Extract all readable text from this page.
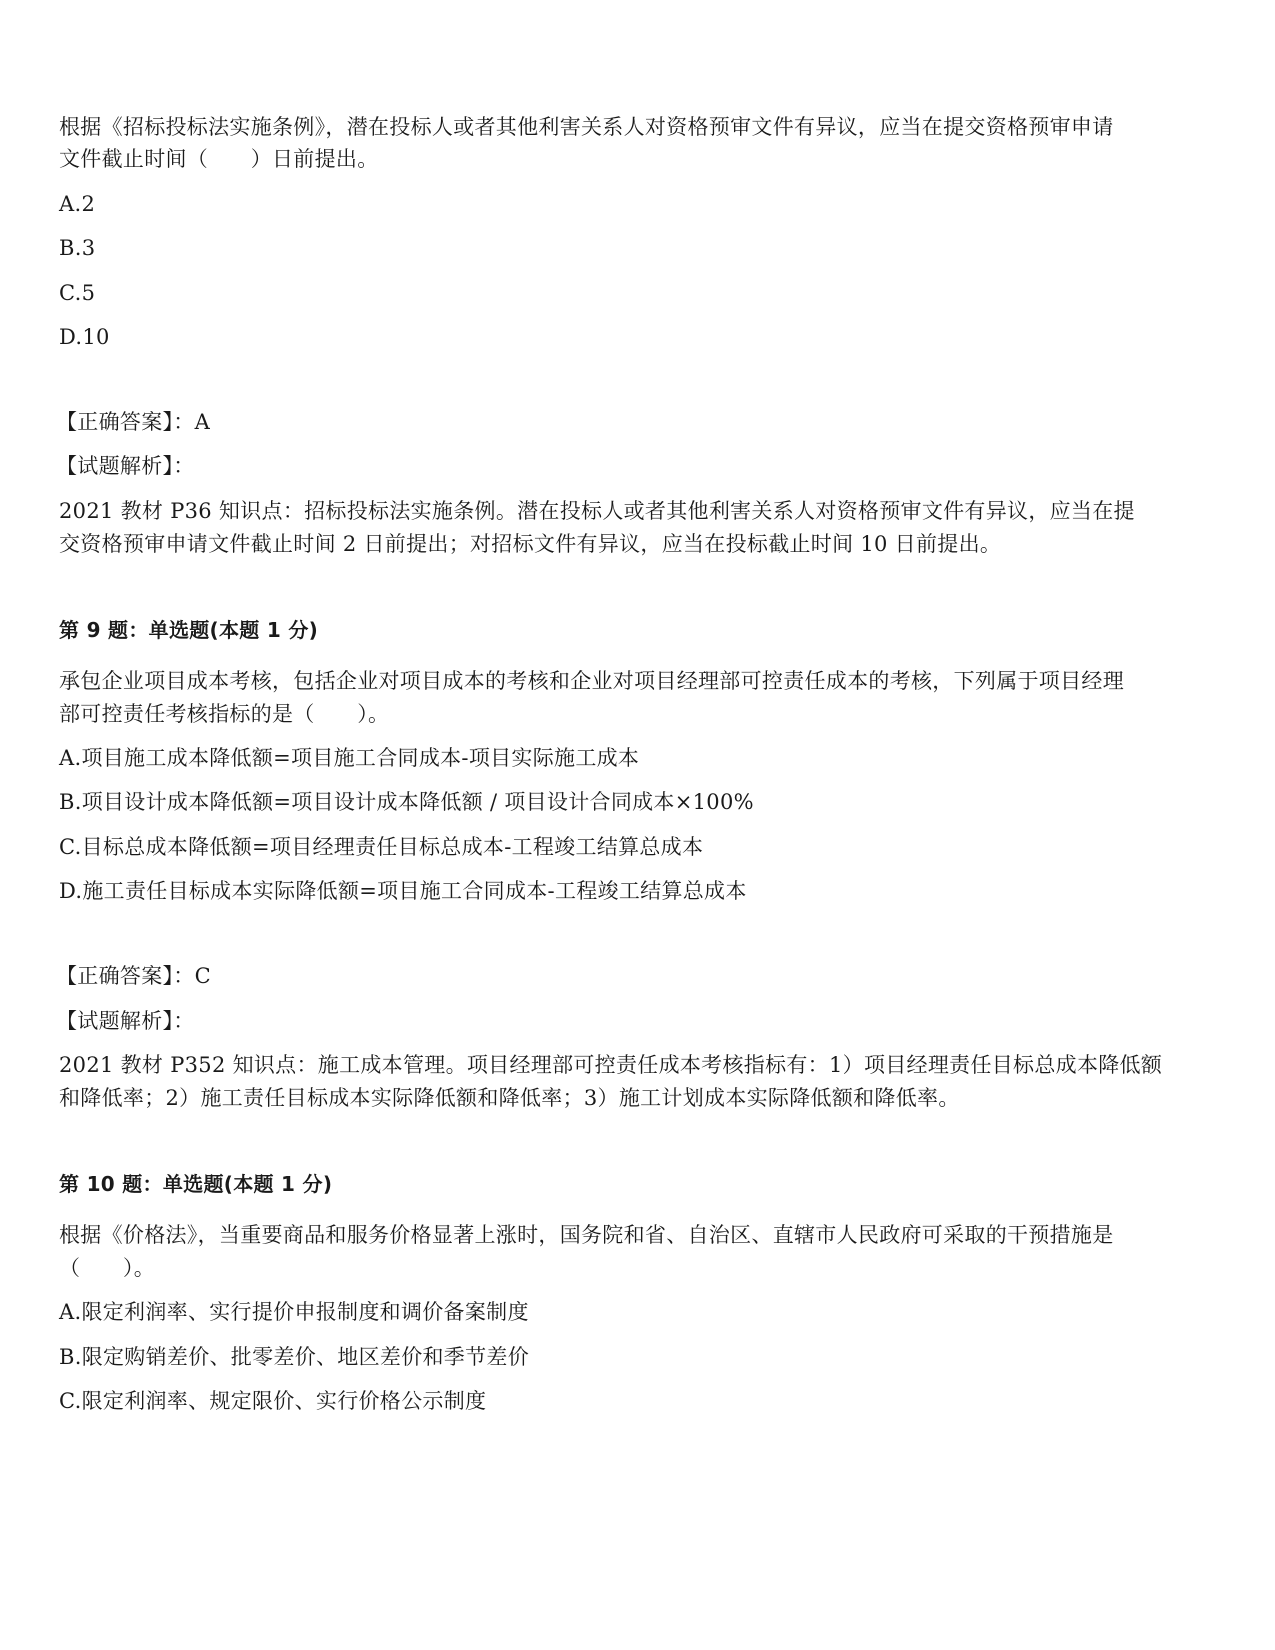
根据《招标投标法实施条例》，潜在投标人或者其他利害关系人对资格预审文件有异议，应当在提交资格预审申请
文件截止时间（　　）日前提出。
A.2
B.3
C.5
D.10
【正确答案】：A
【试题解析】：
2021 教材 P36 知识点：招标投标法实施条例。潜在投标人或者其他利害关系人对资格预审文件有异议，应当在提
交资格预审申请文件截止时间 2 日前提出；对招标文件有异议，应当在投标截止时间 10 日前提出。
第 9 题：单选题(本题 1 分)
承包企业项目成本考核，包括企业对项目成本的考核和企业对项目经理部可控责任成本的考核，下列属于项目经理
部可控责任考核指标的是（　　）。
A.项目施工成本降低额=项目施工合同成本-项目实际施工成本
B.项目设计成本降低额=项目设计成本降低额 / 项目设计合同成本×100%
C.目标总成本降低额=项目经理责任目标总成本-工程竣工结算总成本
D.施工责任目标成本实际降低额=项目施工合同成本-工程竣工结算总成本
【正确答案】：C
【试题解析】：
2021 教材 P352 知识点：施工成本管理。项目经理部可控责任成本考核指标有：1）项目经理责任目标总成本降低额
和降低率；2）施工责任目标成本实际降低额和降低率；3）施工计划成本实际降低额和降低率。
第 10 题：单选题(本题 1 分)
根据《价格法》，当重要商品和服务价格显著上涨时，国务院和省、自治区、直辖市人民政府可采取的干预措施是
（　　）。
A.限定利润率、实行提价申报制度和调价备案制度
B.限定购销差价、批零差价、地区差价和季节差价
C.限定利润率、规定限价、实行价格公示制度
